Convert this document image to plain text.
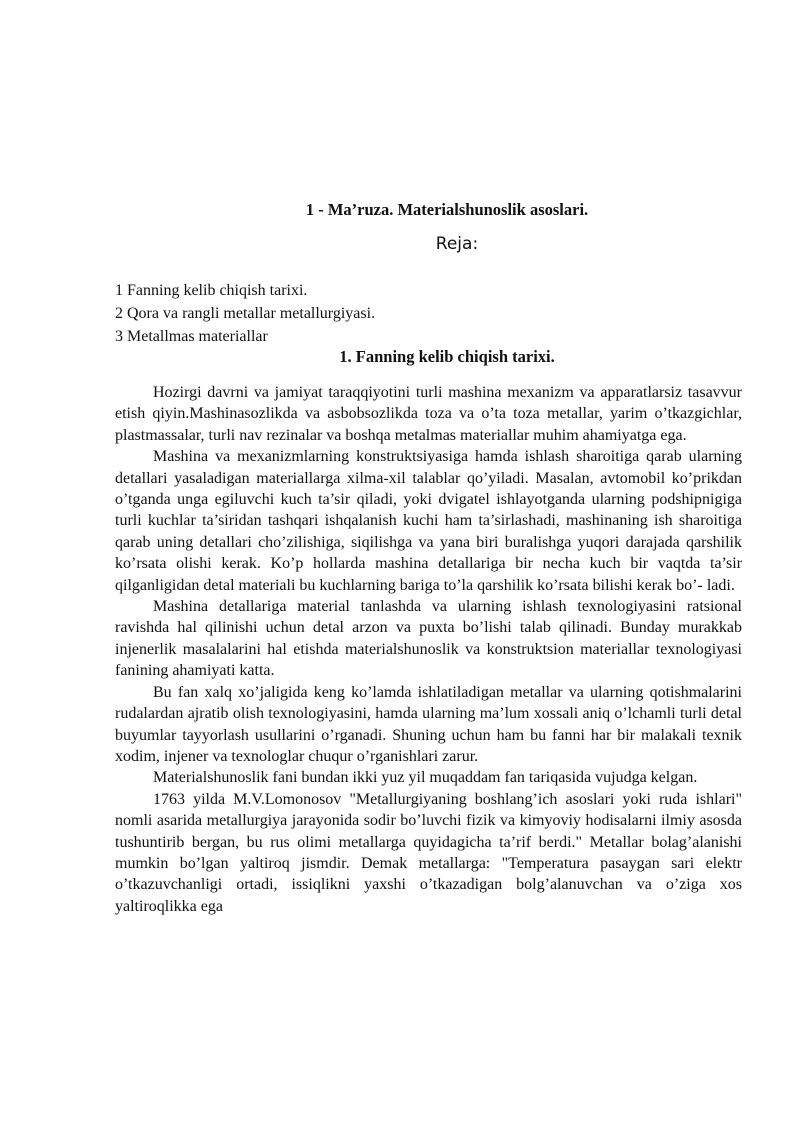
1 - Ma’ruza. Materialshunoslik asoslari.
Reja:
1 Fanning kelib chiqish tarixi.
2 Qora va rangli metallar metallurgiyasi.
3 Metallmas materiallar
1. Fanning kelib chiqish tarixi.

Hozirgi davrni va jamiyat taraqqiyotini turli mashina mexanizm va apparatlarsiz tasavvur etish qiyin.Mashinasozlikda va asbobsozlikda toza va o’ta toza metallar, yarim o’tkazgichlar, plastmassalar, turli nav rezinalar va boshqa metalmas materiallar muhim ahamiyatga ega.

Mashina va mexanizmlarning konstruktsiyasiga hamda ishlash sharoitiga qarab ularning detallari yasaladigan materiallarga xilma-xil talablar qo’yiladi. Masalan, avtomobil ko’prikdan o’tganda unga egiluvchi kuch ta’sir qiladi, yoki dvigatel ishlayotganda ularning podshipnigiga turli kuchlar ta’siridan tashqari ishqalanish kuchi ham ta’sirlashadi, mashinaning ish sharoitiga qarab uning detallari cho’zilishiga, siqilishga va yana biri buralishga yuqori darajada qarshilik ko’rsata olishi kerak. Ko’p hollarda mashina detallariga bir necha kuch bir vaqtda ta’sir qilganligidan detal materiali bu kuchlarning bariga to’la qarshilik ko’rsata bilishi kerak bo’- ladi.

Mashina detallariga material tanlashda va ularning ishlash texnologiyasini ratsional ravishda hal qilinishi uchun detal arzon va puxta bo’lishi talab qilinadi. Bunday murakkab injenerlik masalalarini hal etishda materialshunoslik va konstruktsion materiallar texnologiyasi fanining ahamiyati katta.

Bu fan xalq xo’jaligida keng ko’lamda ishlatiladigan metallar va ularning qotishmalarini rudalardan ajratib olish texnologiyasini, hamda ularning ma’lum xossali aniq o’lchamli turli detal buyumlar tayyorlash usullarini o’rganadi. Shuning uchun ham bu fanni har bir malakali texnik xodim, injener va texnologlar chuqur o’rganishlari zarur.

Materialshunoslik fani bundan ikki yuz yil muqaddam fan tariqasida vujudga kelgan.

1763 yilda M.V.Lomonosov "Metallurgiyaning boshlang’ich asoslari yoki ruda ishlari" nomli asarida metallurgiya jarayonida sodir bo’luvchi fizik va kimyoviy hodisalarni ilmiy asosda tushuntirib bergan, bu rus olimi metallarga quyidagicha ta’rif berdi." Metallar bolag’alanishi mumkin bo’lgan yaltiroq jismdir. Demak metallarga: "Temperatura pasaygan sari elektr o’tkazuvchanligi ortadi, issiqlikni yaxshi o’tkazadigan bolg’alanuvchan va o’ziga xos yaltiroqlikka ega
